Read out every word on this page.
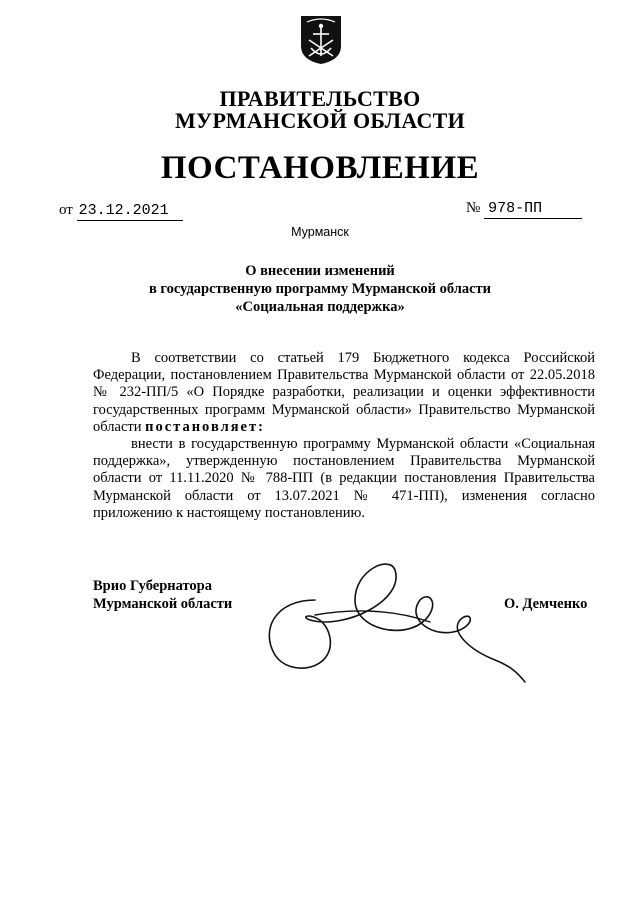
ПРАВИТЕЛЬСТВО
МУРМАНСКОЙ ОБЛАСТИ
ПОСТАНОВЛЕНИЕ
от 23.12.2021	№ 978-ПП
Мурманск
О внесении изменений
в государственную программу Мурманской области
«Социальная поддержка»

В соответствии со статьей 179 Бюджетного кодекса Российской Федерации, постановлением Правительства Мурманской области от 22.05.2018 № 232-ПП/5 «О Порядке разработки, реализации и оценки эффективности государственных программ Мурманской области» Правительство Мурманской области постановляет:

внести в государственную программу Мурманской области «Социальная поддержка», утвержденную постановлением Правительства Мурманской области от 11.11.2020 № 788-ПП (в редакции постановления Правительства Мурманской области от 13.07.2021 № 471-ПП), изменения согласно приложению к настоящему постановлению.

Врио Губернатора
Мурманской области	О. Демченко
